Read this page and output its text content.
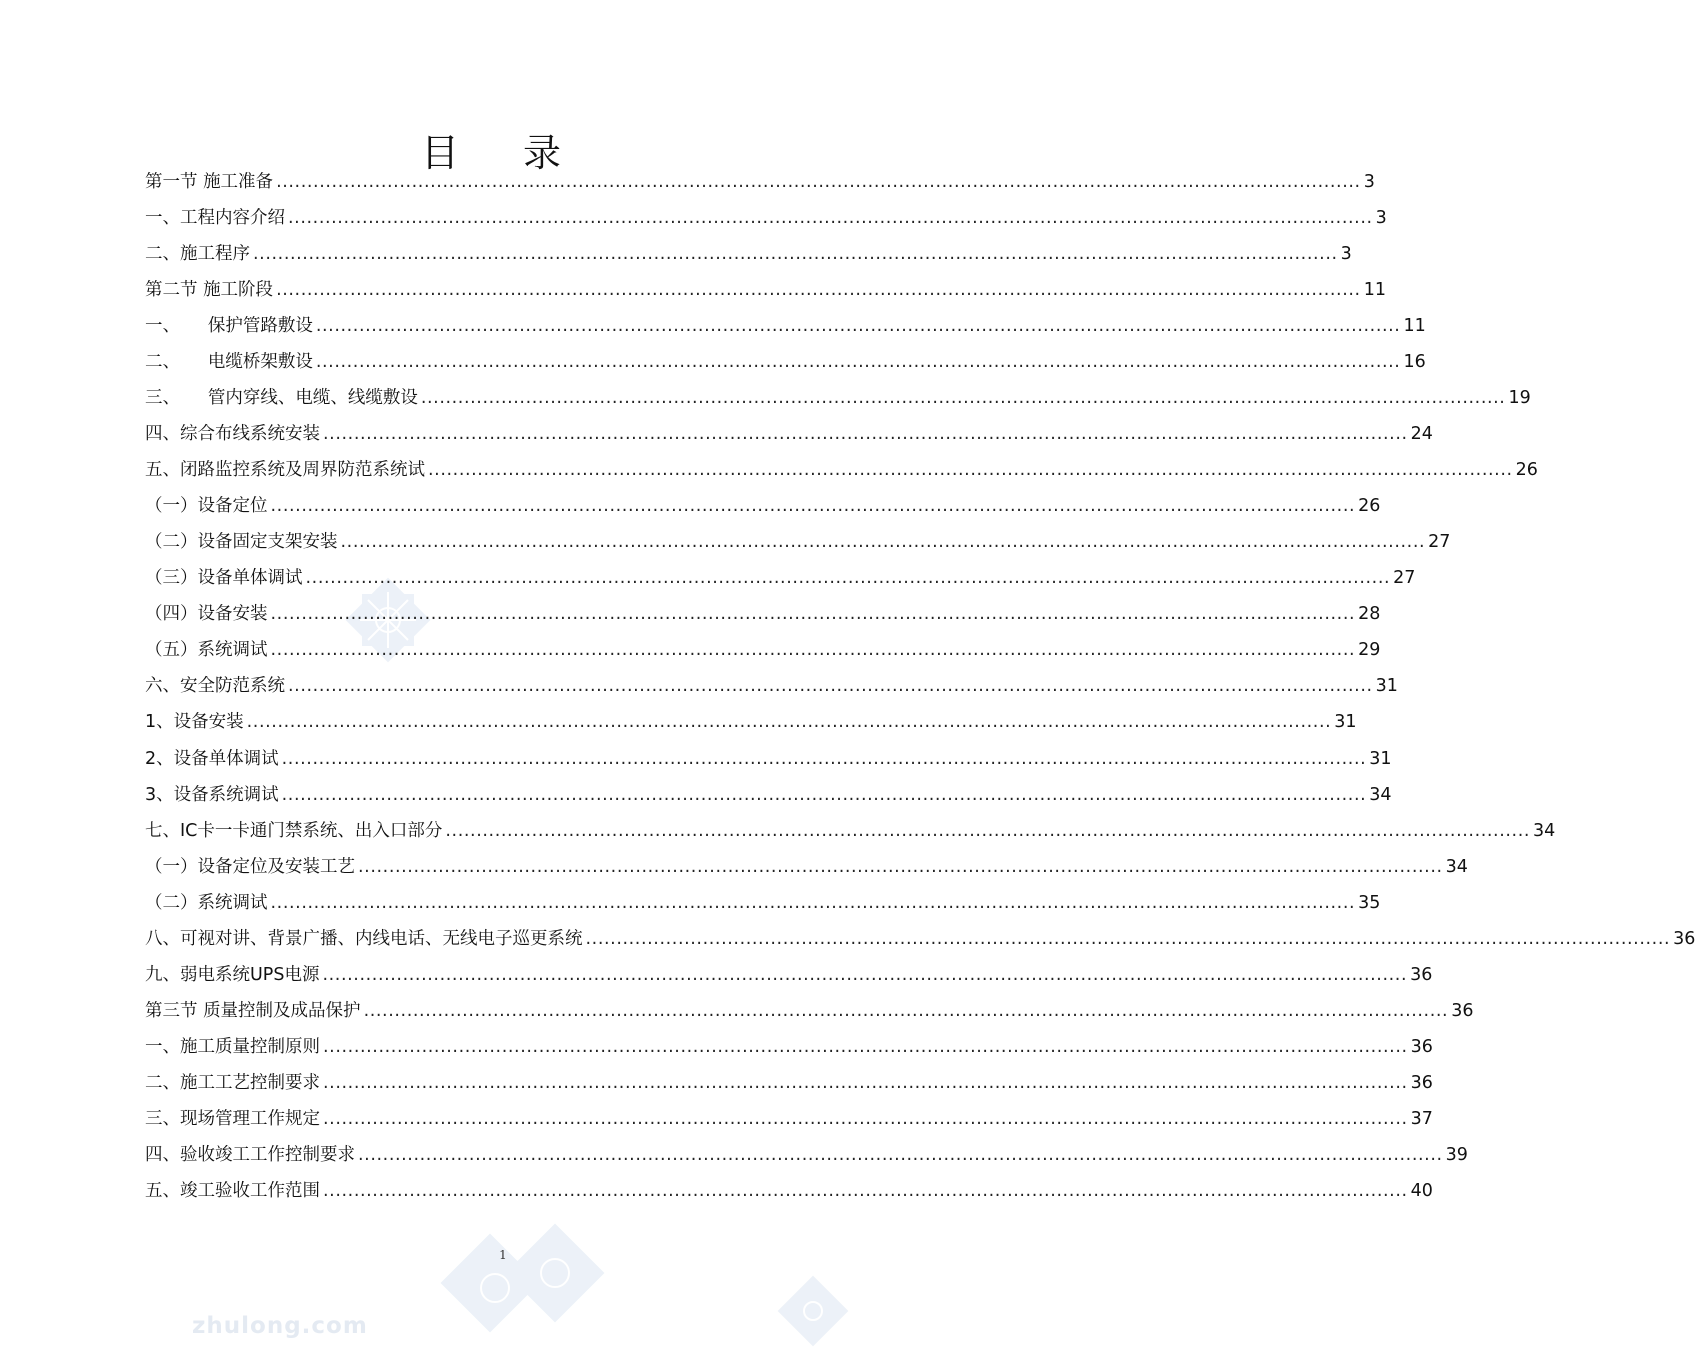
zhulong.com
目 录
第一节 施工准备 ................................................................................................................................................................................ 3
一、工程内容介绍 ................................................................................................................................................................................ 3
二、施工程序 ................................................................................................................................................................................ 3
第二节 施工阶段 ................................................................................................................................................................................ 11
一、     保护管路敷设 ................................................................................................................................................................................ 11
二、     电缆桥架敷设 ................................................................................................................................................................................ 16
三、     管内穿线、电缆、线缆敷设 ................................................................................................................................................................................ 19
四、综合布线系统安装 ................................................................................................................................................................................ 24
五、闭路监控系统及周界防范系统试 ................................................................................................................................................................................ 26
（一）设备定位 ................................................................................................................................................................................ 26
（二）设备固定支架安装 ................................................................................................................................................................................ 27
（三）设备单体调试 ................................................................................................................................................................................ 27
（四）设备安装 ................................................................................................................................................................................ 28
（五）系统调试 ................................................................................................................................................................................ 29
六、安全防范系统 ................................................................................................................................................................................ 31
1、设备安装 ................................................................................................................................................................................ 31
2、设备单体调试 ................................................................................................................................................................................ 31
3、设备系统调试 ................................................................................................................................................................................ 34
七、IC卡一卡通门禁系统、出入口部分 ................................................................................................................................................................................ 34
（一）设备定位及安装工艺 ................................................................................................................................................................................ 34
（二）系统调试 ................................................................................................................................................................................ 35
八、可视对讲、背景广播、内线电话、无线电子巡更系统 ................................................................................................................................................................................ 36
九、弱电系统UPS电源 ................................................................................................................................................................................ 36
第三节 质量控制及成品保护 ................................................................................................................................................................................ 36
一、施工质量控制原则 ................................................................................................................................................................................ 36
二、施工工艺控制要求 ................................................................................................................................................................................ 36
三、现场管理工作规定 ................................................................................................................................................................................ 37
四、验收竣工工作控制要求 ................................................................................................................................................................................ 39
五、竣工验收工作范围 ................................................................................................................................................................................ 40
1
